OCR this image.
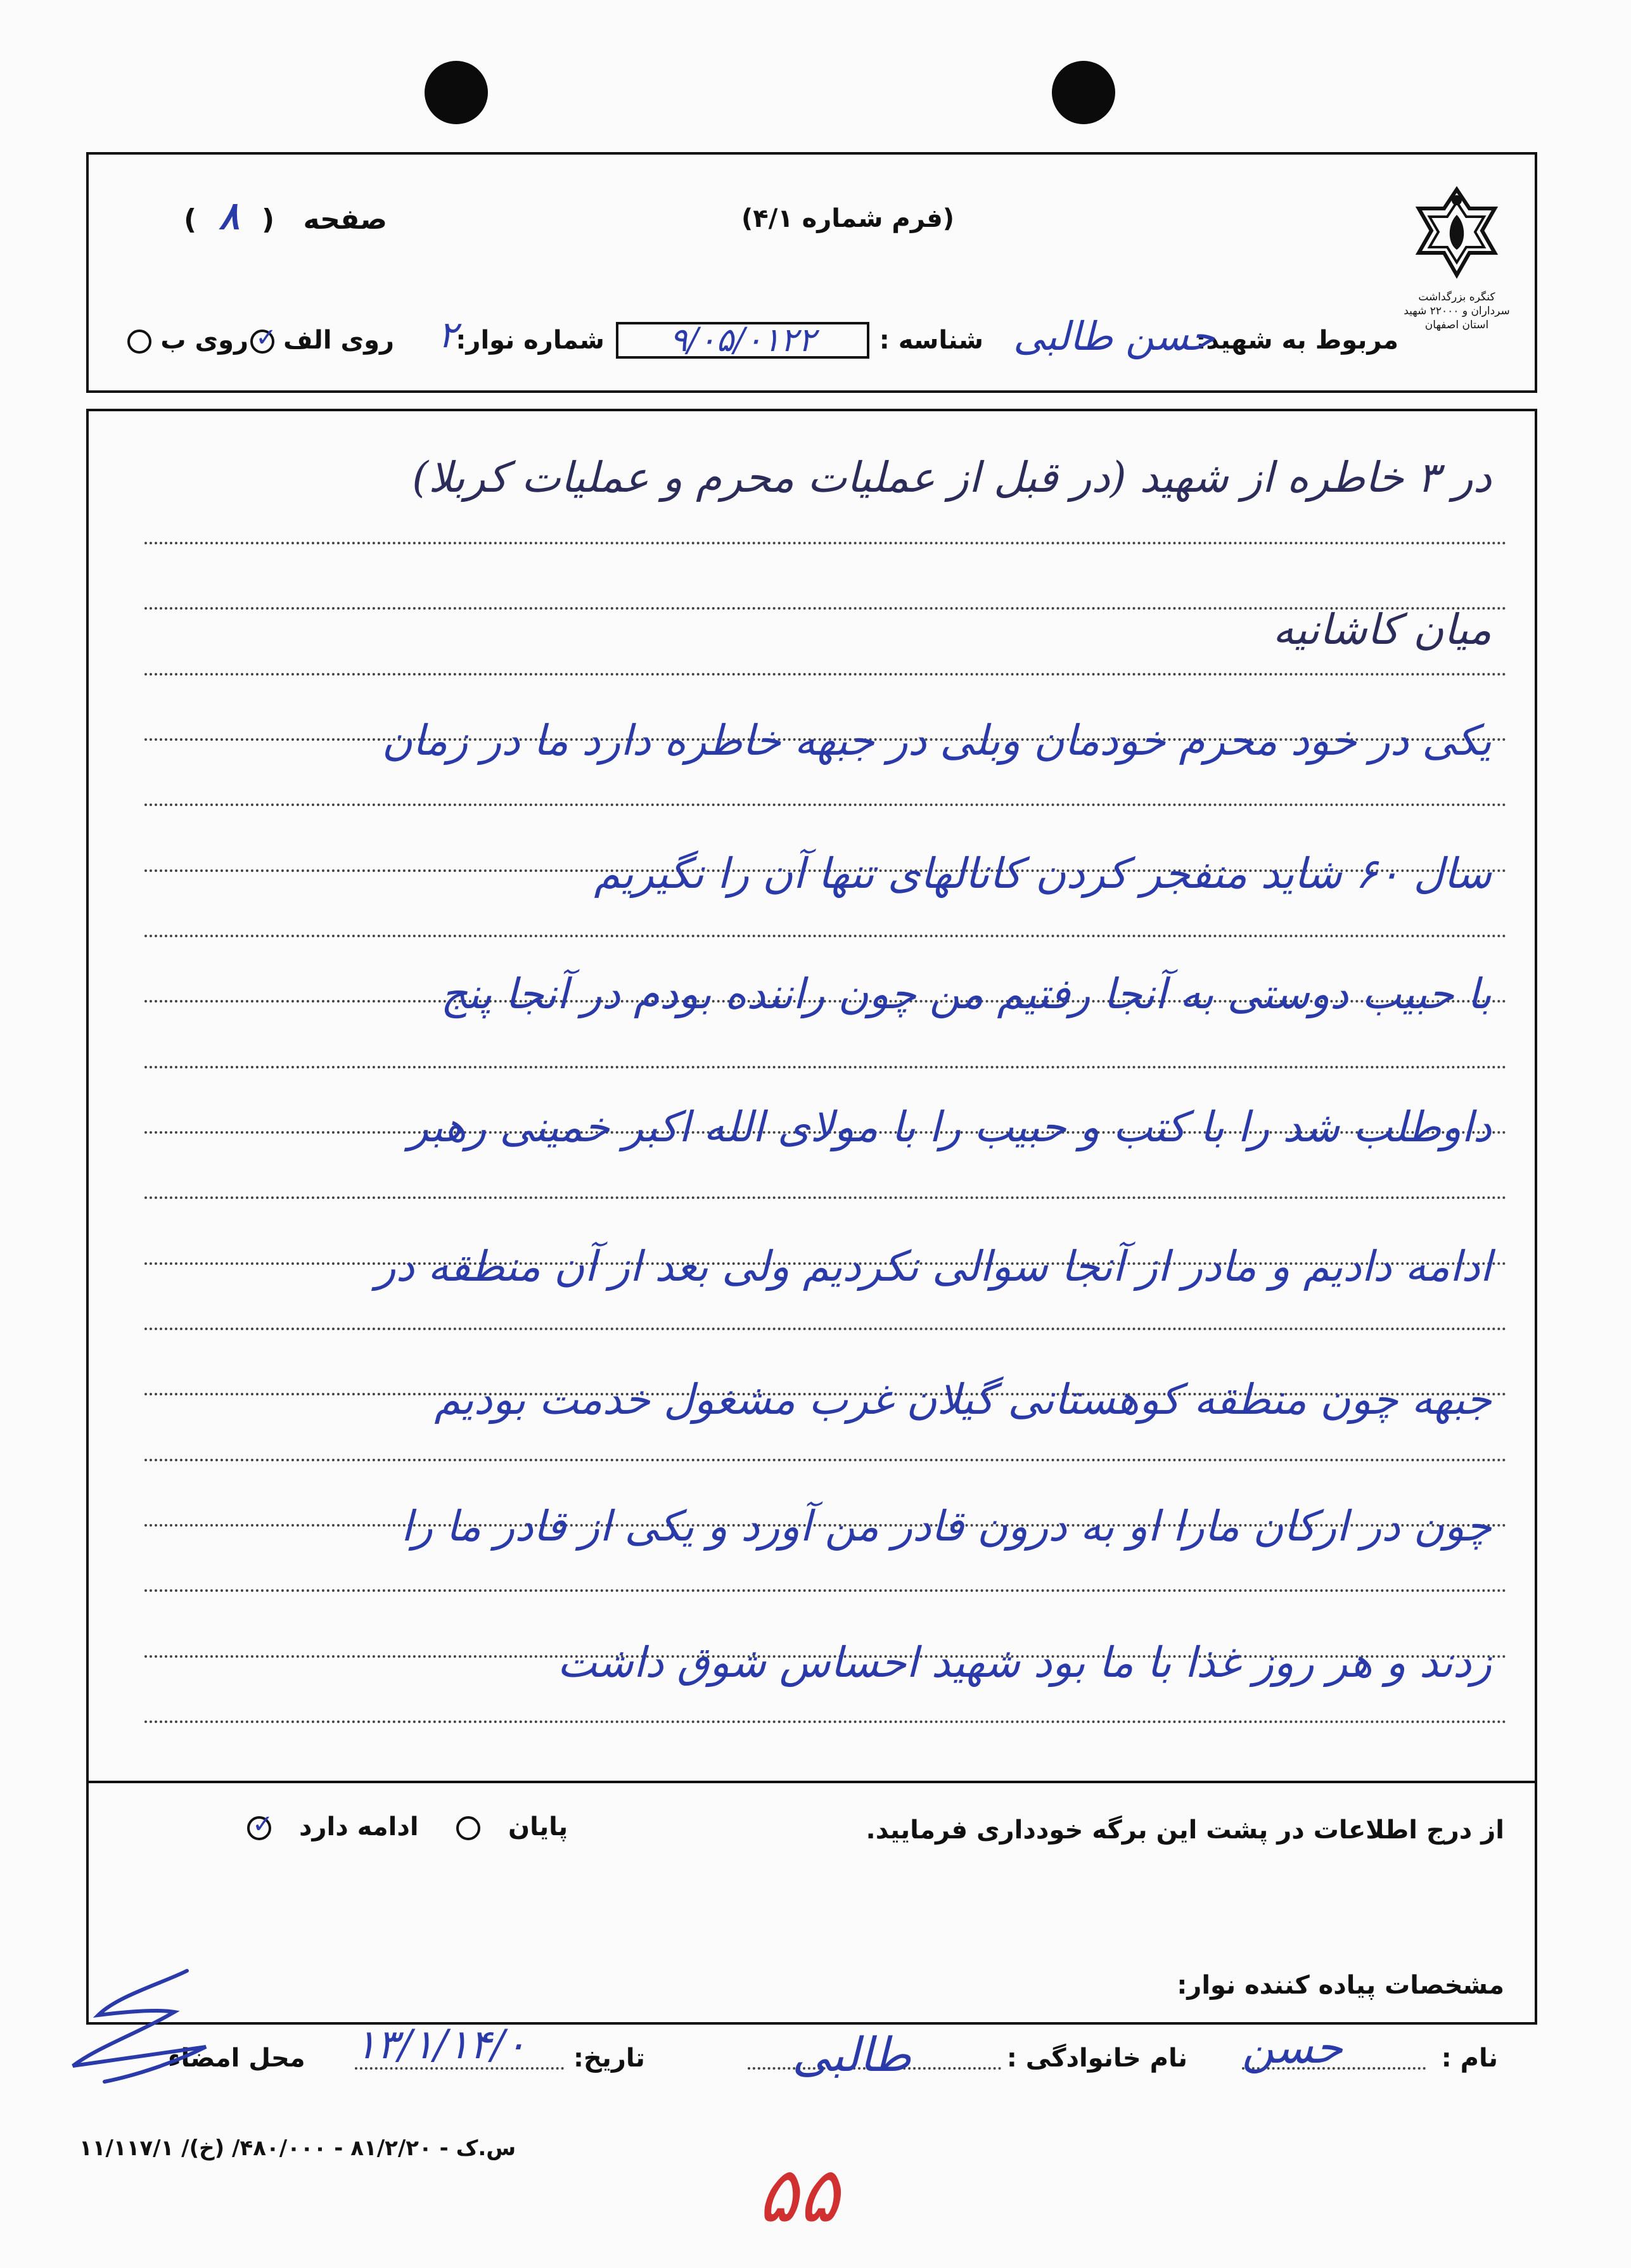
کنگره بزرگداشت سرداران و ۲۲۰۰۰ شهید استان اصفهان
(فرم شماره ۴/۱)
صفحه ( ۸ )
مربوط به شهید:
حسن طالبی
شناسه :
۹/۰۵/۰۱۲۲
شماره نوار:
۲
روی الف ✓
روی ب
در ۳ خاطره از شهید (در قبل از عملیات محرم و عملیات کربلا)
میان کاشانیه
یکی در خود محرم خودمان وبلی در جبهه خاطره دارد ما در زمان
سال ۶۰ شاید منفجر کردن کانالهای تنها آن را نگیریم
با حبیب دوستی به آنجا رفتیم من چون راننده بودم در آنجا پنج
داوطلب شد را با کتب و حبیب را با مولای الله اکبر خمینی رهبر
ادامه دادیم و مادر از آنجا سوالی نکردیم ولی بعد از آن منطقه در
جبهه چون منطقه کوهستانی گیلان غرب مشغول خدمت بودیم
چون در ارکان مارا او به درون قادر من آورد و یکی از قادر ما را
زدند و هر روز غذا با ما بود شهید احساس شوق داشت
از درج اطلاعات در پشت این برگه خودداری فرمایید.
پایان
ادامه دارد ✓
مشخصات پیاده کننده نوار:
نام :
حسن
نام خانوادگی :
طالبی
تاریخ:
۱۳/۱/۱۴/۰
محل امضاء
۱۱/۱۱۷/۱ /س.ک - ۸۱/۲/۲۰ - ۴۸۰/۰۰۰/ (خ)
۵۵
